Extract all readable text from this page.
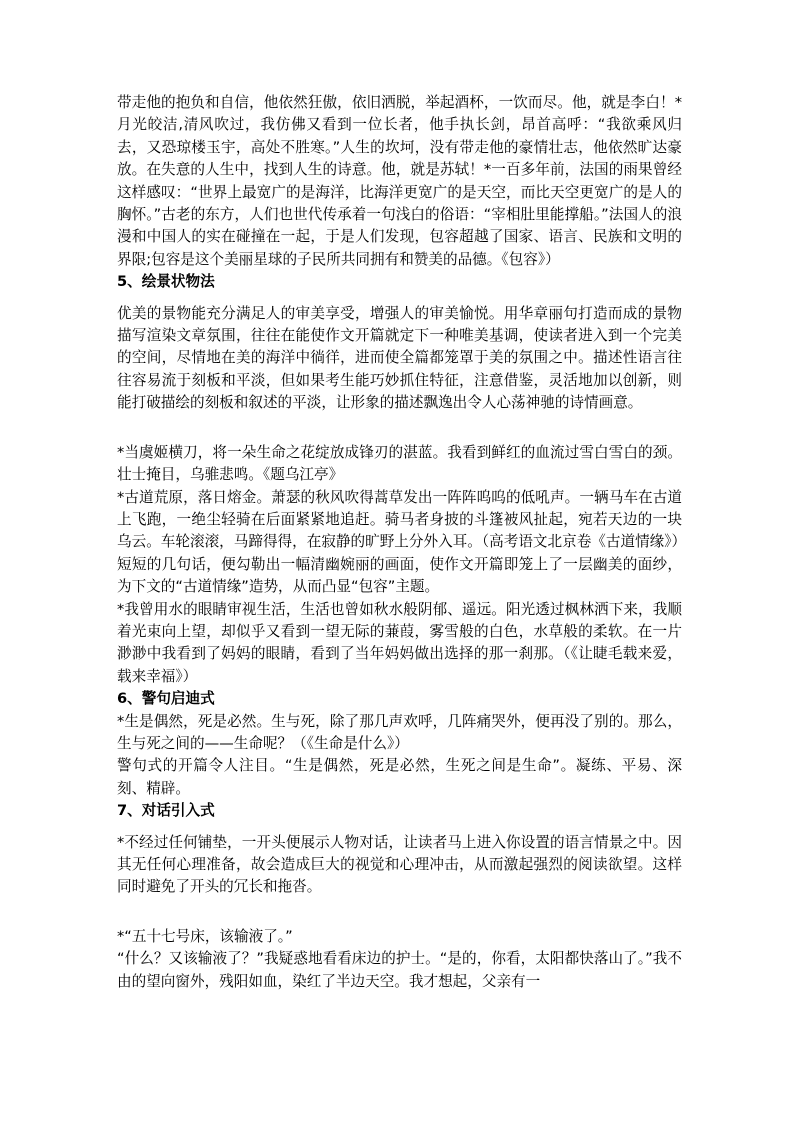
带走他的抱负和自信，他依然狂傲，依旧洒脱，举起酒杯，一饮而尽。他，就是李白！*月光皎洁,清风吹过，我仿佛又看到一位长者，他手执长剑，昂首高呼：“我欲乘风归去，又恐琼楼玉宇，高处不胜寒。”人生的坎坷，没有带走他的豪情壮志，他依然旷达豪放。在失意的人生中，找到人生的诗意。他，就是苏轼！*一百多年前，法国的雨果曾经这样感叹：“世界上最宽广的是海洋，比海洋更宽广的是天空，而比天空更宽广的是人的胸怀。”古老的东方，人们也世代传承着一句浅白的俗语：“宰相肚里能撑船。”法国人的浪漫和中国人的实在碰撞在一起，于是人们发现，包容超越了国家、语言、民族和文明的界限;包容是这个美丽星球的子民所共同拥有和赞美的品德。《包容》）

5、绘景状物法

优美的景物能充分满足人的审美享受，增强人的审美愉悦。用华章丽句打造而成的景物描写渲染文章氛围，往往在能使作文开篇就定下一种唯美基调，使读者进入到一个完美的空间，尽情地在美的海洋中徜徉，进而使全篇都笼罩于美的氛围之中。描述性语言往往容易流于刻板和平淡，但如果考生能巧妙抓住特征，注意借鉴，灵活地加以创新，则能打破描绘的刻板和叙述的平淡，让形象的描述飘逸出令人心荡神驰的诗情画意。

*当虞姬横刀，将一朵生命之花绽放成锋刃的湛蓝。我看到鲜红的血流过雪白雪白的颈。壮士掩目，乌骓悲鸣。《题乌江亭》

*古道荒原，落日熔金。萧瑟的秋风吹得蒿草发出一阵阵呜呜的低吼声。一辆马车在古道上飞跑，一绝尘轻骑在后面紧紧地追赶。骑马者身披的斗篷被风扯起，宛若天边的一块乌云。车轮滚滚，马蹄得得，在寂静的旷野上分外入耳。（高考语文北京卷《古道情缘》）

短短的几句话，便勾勒出一幅清幽婉丽的画面，使作文开篇即笼上了一层幽美的面纱，为下文的“古道情缘”造势，从而凸显“包容”主题。

*我曾用水的眼睛审视生活，生活也曾如秋水般阴郁、遥远。阳光透过枫林洒下来，我顺着光束向上望，却似乎又看到一望无际的蒹葭，雾雪般的白色，水草般的柔软。在一片渺渺中我看到了妈妈的眼睛，看到了当年妈妈做出选择的那一刹那。（《让睫毛载来爱，载来幸福》）

6、警句启迪式

*生是偶然，死是必然。生与死，除了那几声欢呼，几阵痛哭外，便再没了别的。那么，生与死之间的——生命呢？（《生命是什么》）

警句式的开篇令人注目。“生是偶然，死是必然，生死之间是生命”。凝练、平易、深刻、精辟。

7、对话引入式

*不经过任何铺垫，一开头便展示人物对话，让读者马上进入你设置的语言情景之中。因其无任何心理准备，故会造成巨大的视觉和心理冲击，从而激起强烈的阅读欲望。这样同时避免了开头的冗长和拖沓。

*“五十七号床，该输液了。”

“什么？又该输液了？”我疑惑地看看床边的护士。“是的，你看，太阳都快落山了。”我不由的望向窗外，残阳如血，染红了半边天空。我才想起，父亲有一
